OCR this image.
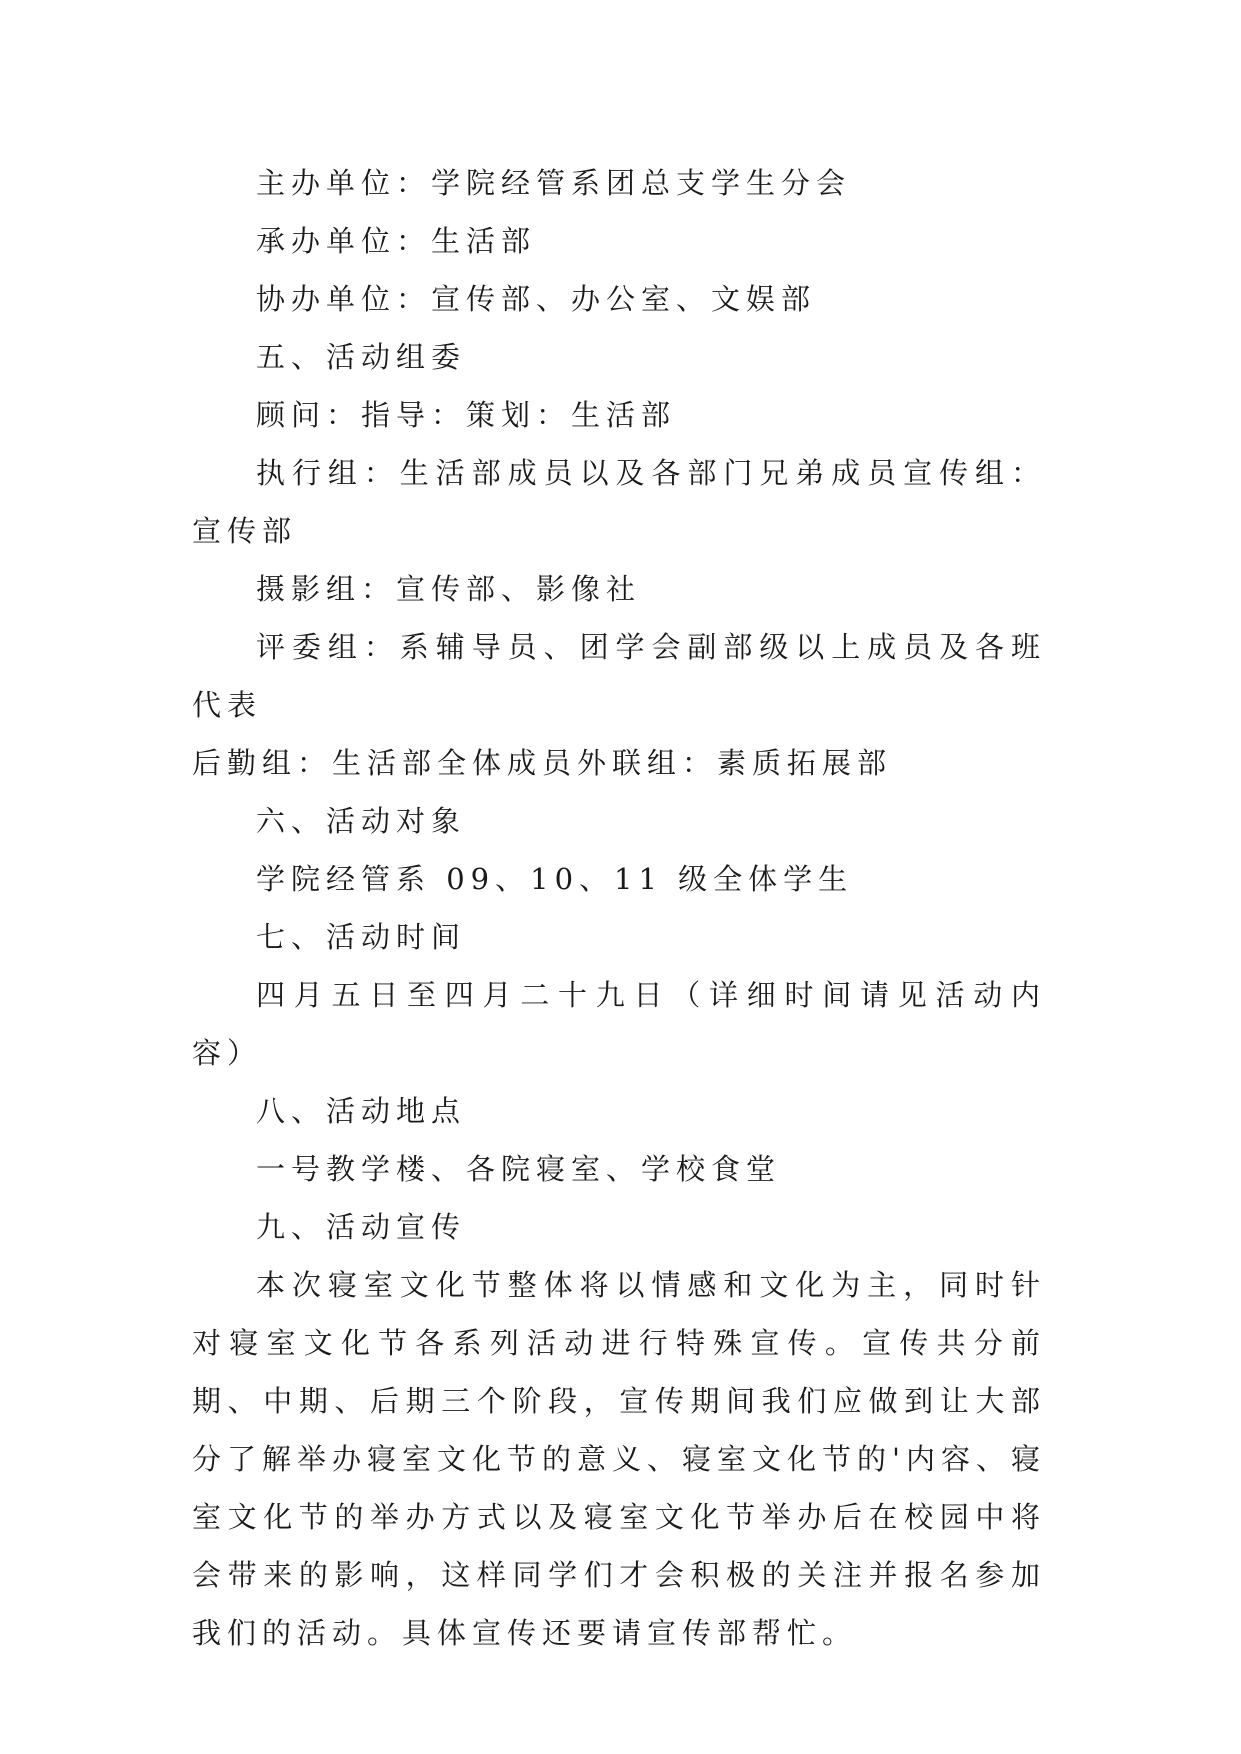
主办单位：学院经管系团总支学生分会

承办单位：生活部

协办单位：宣传部、办公室、文娱部

五、活动组委

顾问：指导：策划：生活部

执行组：生活部成员以及各部门兄弟成员宣传组：宣传部

摄影组：宣传部、影像社

评委组：系辅导员、团学会副部级以上成员及各班代表

后勤组：生活部全体成员外联组：素质拓展部

六、活动对象

学院经管系 09、10、11 级全体学生

七、活动时间

四月五日至四月二十九日（详细时间请见活动内容）

八、活动地点

一号教学楼、各院寝室、学校食堂

九、活动宣传

本次寝室文化节整体将以情感和文化为主，同时针对寝室文化节各系列活动进行特殊宣传。宣传共分前期、中期、后期三个阶段，宣传期间我们应做到让大部分了解举办寝室文化节的意义、寝室文化节的'内容、寝室文化节的举办方式以及寝室文化节举办后在校园中将会带来的影响，这样同学们才会积极的关注并报名参加我们的活动。具体宣传还要请宣传部帮忙。
